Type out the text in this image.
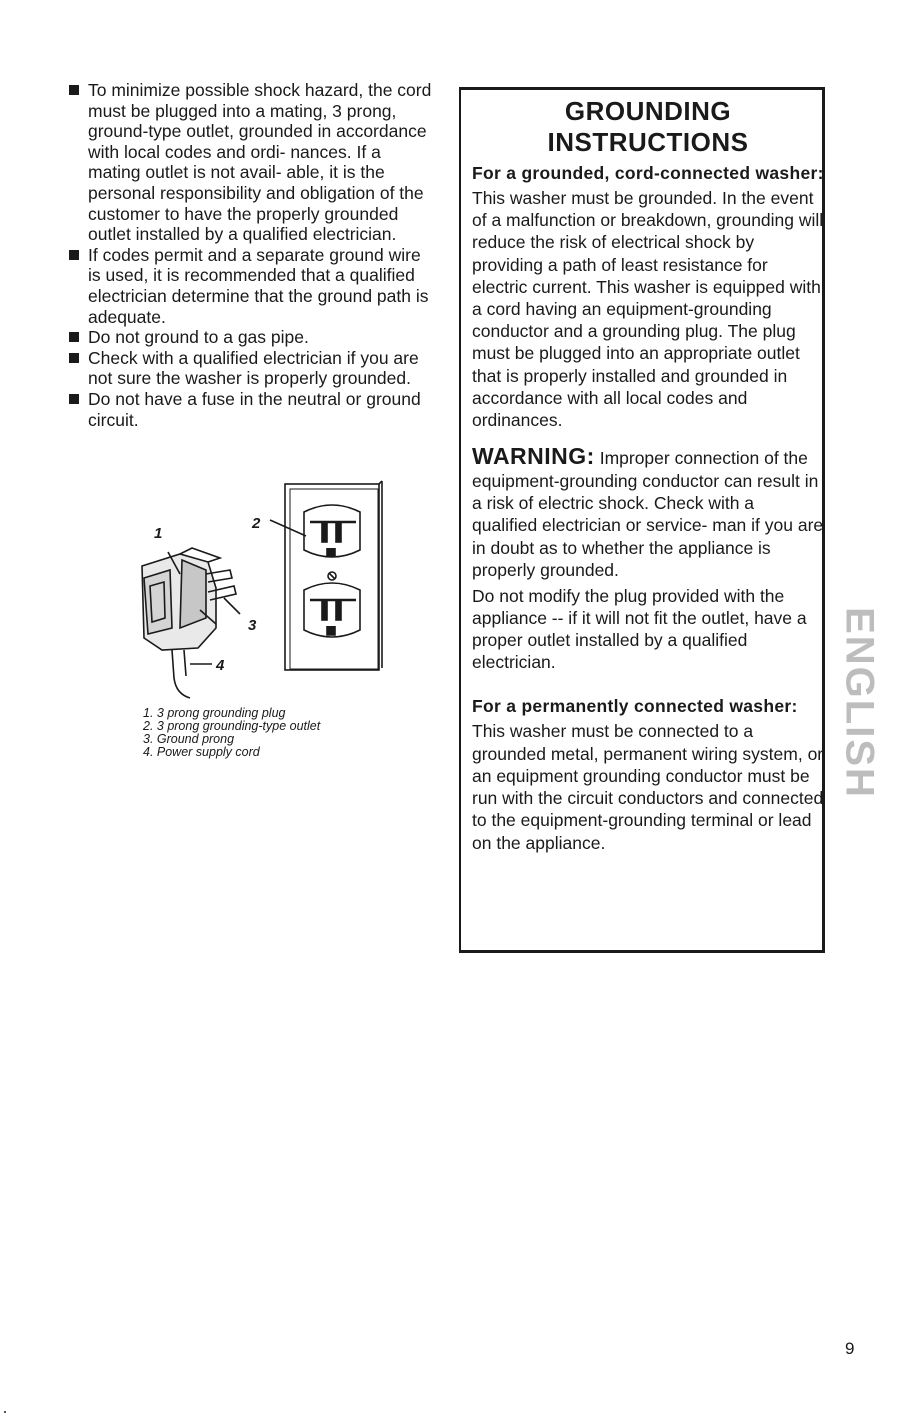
To minimize possible shock hazard, the cord must be plugged into a mating, 3 prong, ground-type outlet, grounded in accordance with local codes and ordi- nances. If a mating outlet is not avail- able, it is the personal responsibility and obligation of the customer to have the properly grounded outlet installed by a qualified electrician.
If codes permit and a separate ground wire is used, it is recommended that a qualified electrician determine that the ground path is adequate.
Do not ground to a gas pipe.
Check with a qualified electrician if you are not sure the washer is properly grounded.
Do not have a fuse in the neutral or ground circuit.
1
2
3
4
1. 3 prong grounding plug
2. 3 prong grounding-type outlet
3. Ground prong
4. Power supply cord
GROUNDING
INSTRUCTIONS
For a grounded, cord-connected washer:
This washer must be grounded. In the event of a malfunction or breakdown, grounding will reduce the risk of electrical shock by providing a path of least resistance for electric current. This washer is equipped with a cord having an equipment-grounding conductor and a grounding plug. The plug must be plugged into an appropriate outlet that is properly installed and grounded in accordance with all local codes and ordinances.
WARNING: Improper connection of the equipment-grounding conductor can result in a risk of electric shock. Check with a qualified electrician or service- man if you are in doubt as to whether the appliance is properly grounded.
Do not modify the plug provided with the appliance -- if it will not fit the outlet, have a proper outlet installed by a qualified electrician.
For a permanently connected washer:
This washer must be connected to a grounded metal, permanent wiring system, or an equipment grounding conductor must be run with the circuit conductors and connected to the equipment-grounding terminal or lead on the appliance.
ENGLISH
9
